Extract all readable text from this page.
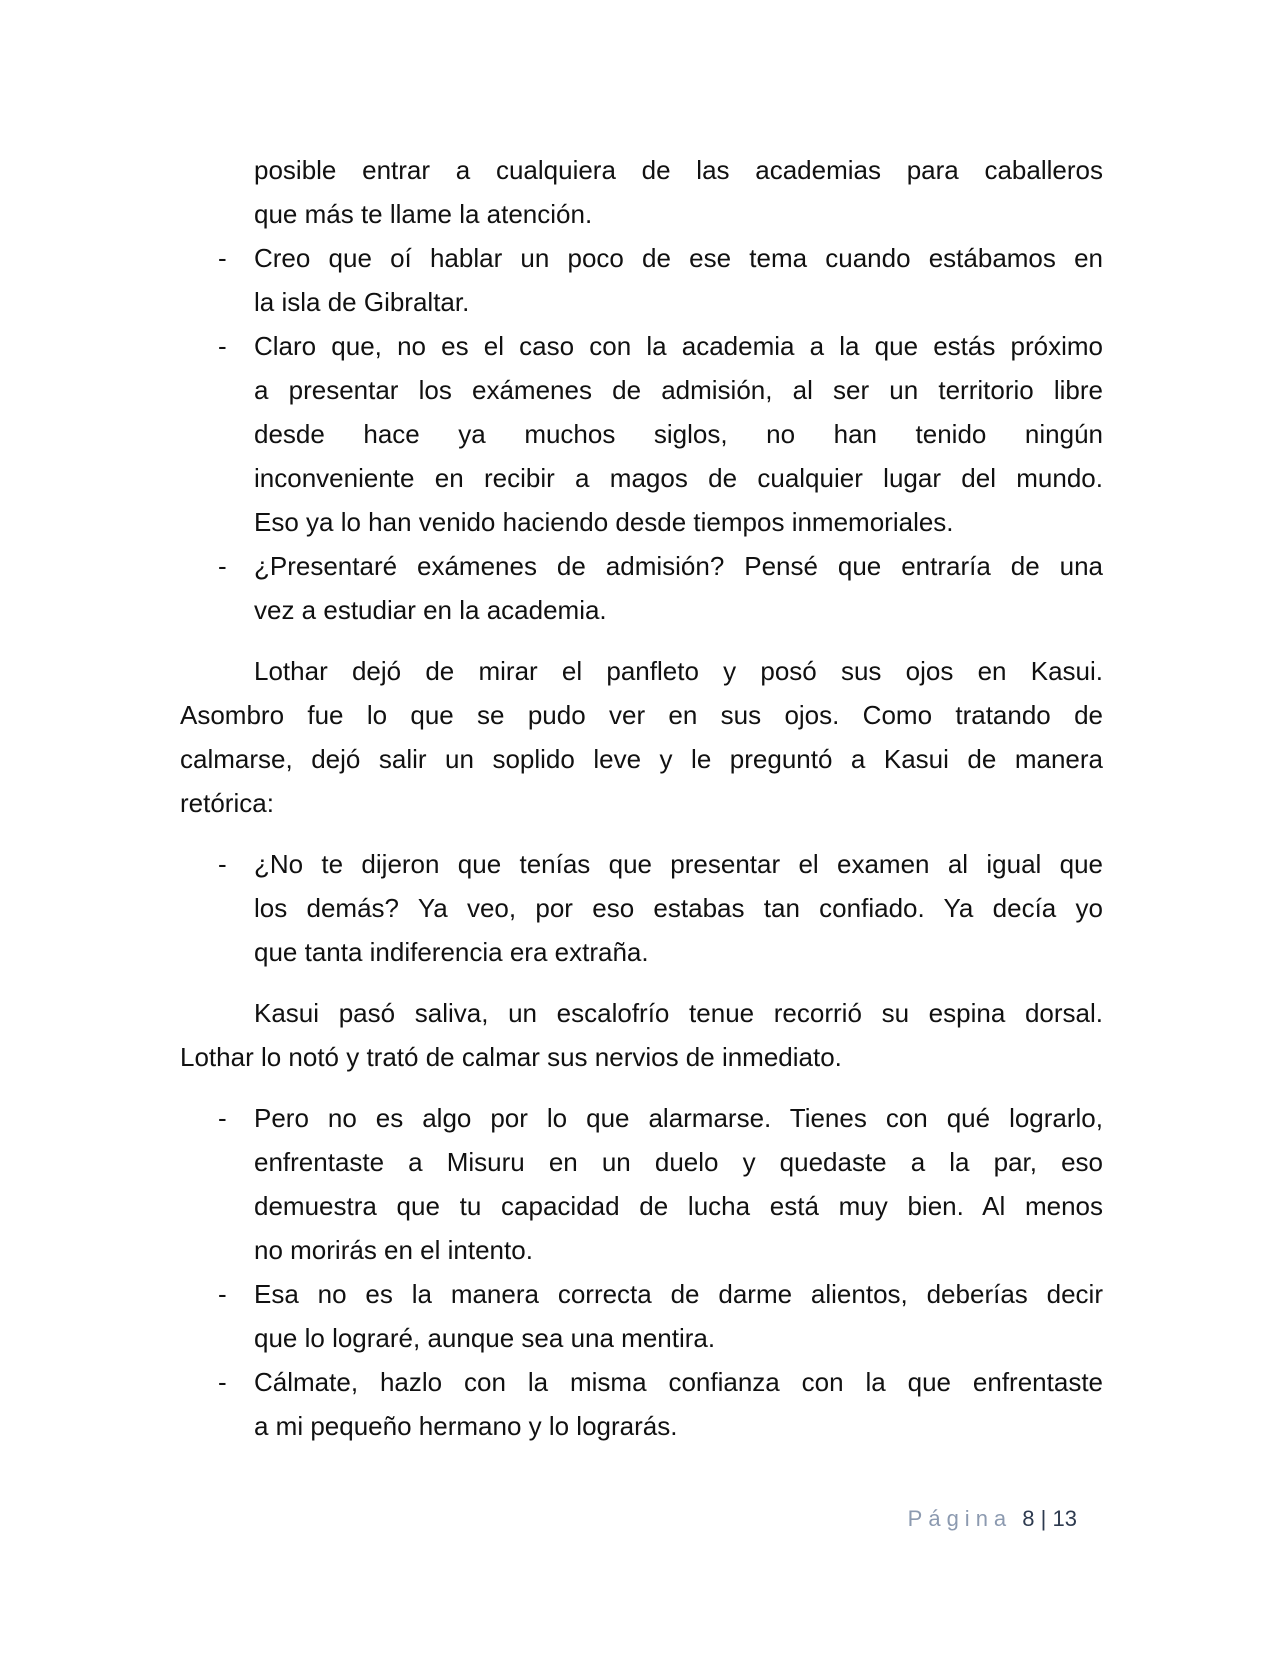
posible entrar a cualquiera de las academias para caballeros
que más te llame la atención.
- Creo que oí hablar un poco de ese tema cuando estábamos en
la isla de Gibraltar.
- Claro que, no es el caso con la academia a la que estás próximo
a presentar los exámenes de admisión, al ser un territorio libre
desde hace ya muchos siglos, no han tenido ningún
inconveniente en recibir a magos de cualquier lugar del mundo.
Eso ya lo han venido haciendo desde tiempos inmemoriales.
- ¿Presentaré exámenes de admisión? Pensé que entraría de una
vez a estudiar en la academia.
Lothar dejó de mirar el panfleto y posó sus ojos en Kasui.
Asombro fue lo que se pudo ver en sus ojos. Como tratando de
calmarse, dejó salir un soplido leve y le preguntó a Kasui de manera
retórica:
- ¿No te dijeron que tenías que presentar el examen al igual que
los demás? Ya veo, por eso estabas tan confiado. Ya decía yo
que tanta indiferencia era extraña.
Kasui pasó saliva, un escalofrío tenue recorrió su espina dorsal.
Lothar lo notó y trató de calmar sus nervios de inmediato.
- Pero no es algo por lo que alarmarse. Tienes con qué lograrlo,
enfrentaste a Misuru en un duelo y quedaste a la par, eso
demuestra que tu capacidad de lucha está muy bien. Al menos
no morirás en el intento.
- Esa no es la manera correcta de darme alientos, deberías decir
que lo lograré, aunque sea una mentira.
- Cálmate, hazlo con la misma confianza con la que enfrentaste
a mi pequeño hermano y lo lograrás.
Página 8 | 13
